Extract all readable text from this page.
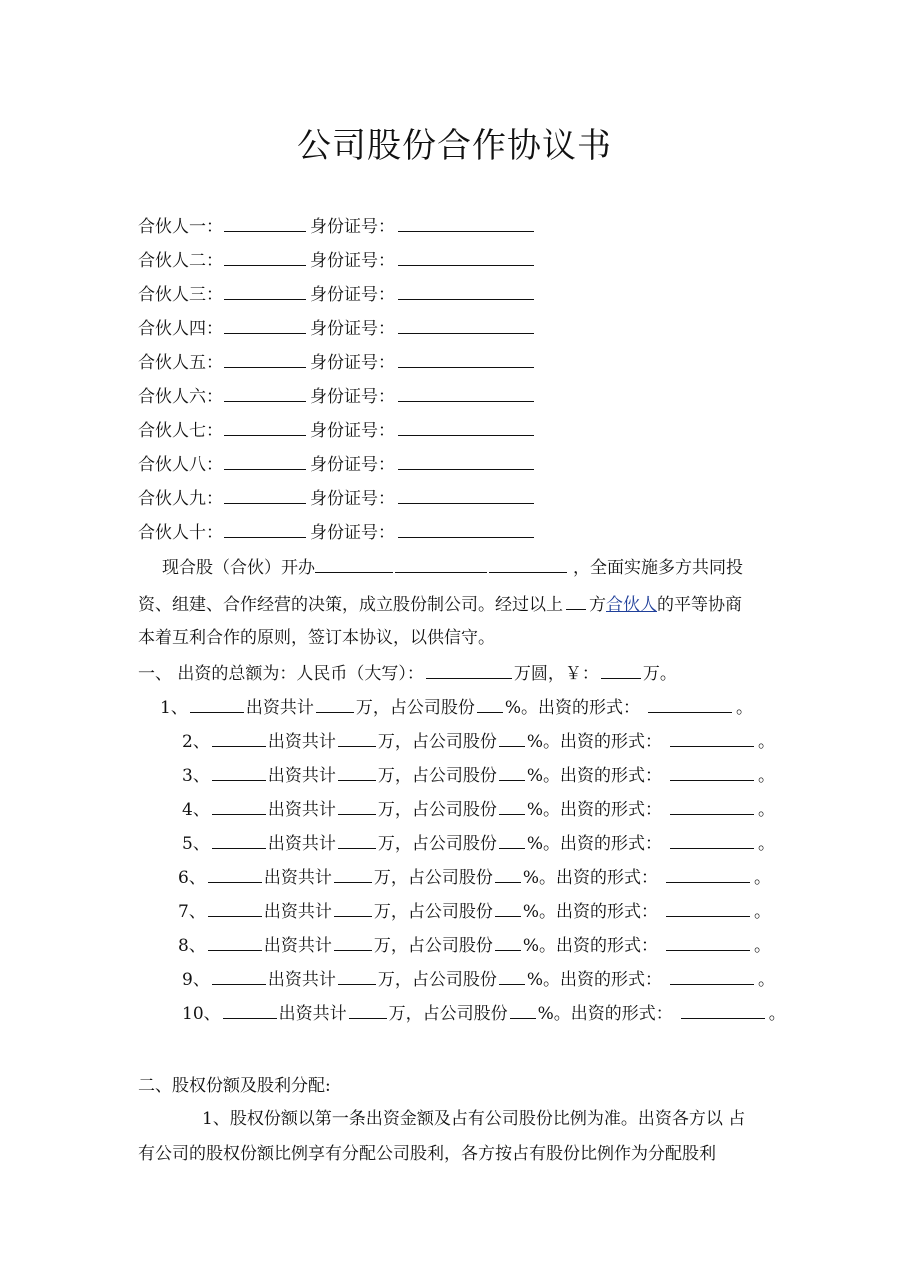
公司股份合作协议书
合伙人一：	身份证号：
合伙人二：	身份证号：
合伙人三：	身份证号：
合伙人四：	身份证号：
合伙人五：	身份证号：
合伙人六：	身份证号：
合伙人七：	身份证号：
合伙人八：	身份证号：
合伙人九：	身份证号：
合伙人十：	身份证号：
现合股（合伙）开办	，全面实施多方共同投
资、组建、合作经营的决策，成立股份制公司。经过以上 方合伙人的平等协商
本着互利合作的原则，签订本协议，以供信守。
一、 出资的总额为：人民币（大写）：	万圆，￥：	万。
1、	出资共计 万，占公司股份 %。出资的形式：	。
2、	出资共计 万，占公司股份 %。出资的形式：	。
3、	出资共计 万，占公司股份 %。出资的形式：	。
4、	出资共计 万，占公司股份 %。出资的形式：	。
5、	出资共计 万，占公司股份 %。出资的形式：	。
6、	出资共计 万，占公司股份 %。出资的形式：	。
7、	出资共计 万，占公司股份 %。出资的形式：	。
8、	出资共计 万，占公司股份 %。出资的形式：	。
9、	出资共计 万，占公司股份 %。出资的形式：	。
10、	出资共计 万，占公司股份 %。出资的形式：	。
二、股权份额及股利分配:
1、股权份额以第一条出资金额及占有公司股份比例为准。出资各方以 占
有公司的股权份额比例享有分配公司股利，各方按占有股份比例作为分配股利
